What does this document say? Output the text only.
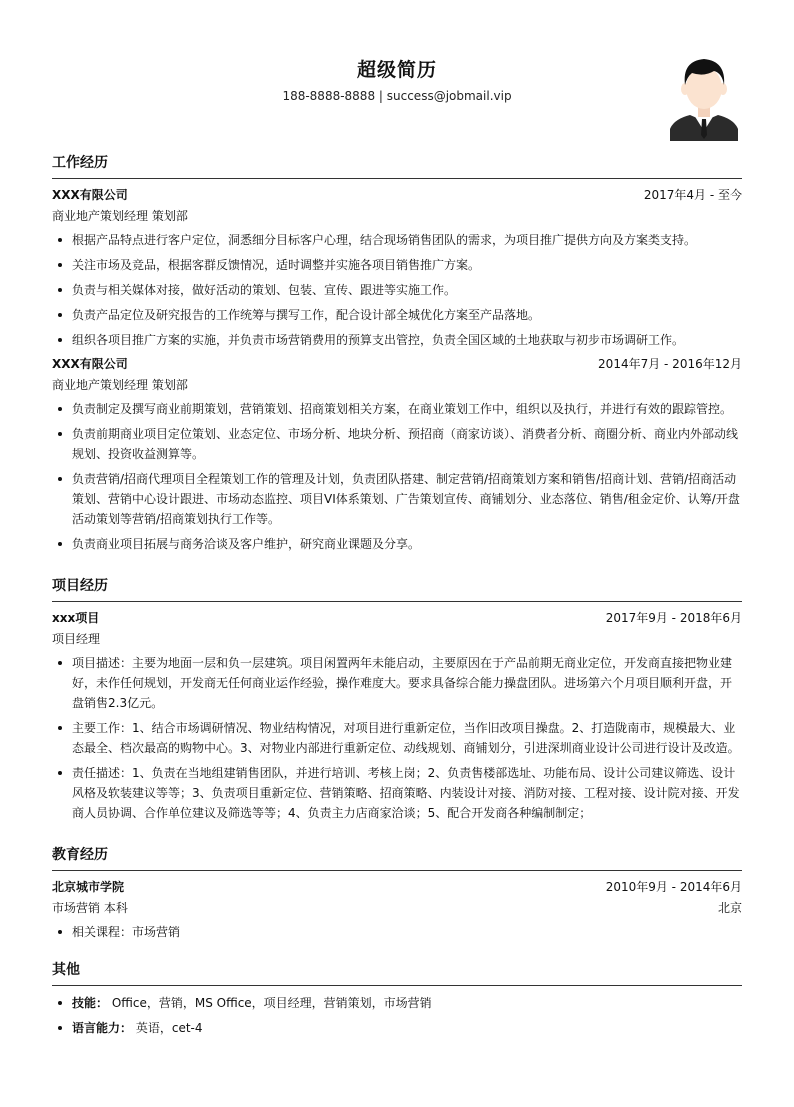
超级简历
188-8888-8888 | success@jobmail.vip
工作经历
XXX有限公司	2017年4月 - 至今
商业地产策划经理 策划部
根据产品特点进行客户定位，洞悉细分目标客户心理，结合现场销售团队的需求，为项目推广提供方向及方案类支持。
关注市场及竞品，根据客群反馈情况，适时调整并实施各项目销售推广方案。
负责与相关媒体对接，做好活动的策划、包装、宣传、跟进等实施工作。
负责产品定位及研究报告的工作统筹与撰写工作，配合设计部全城优化方案至产品落地。
组织各项目推广方案的实施，并负责市场营销费用的预算支出管控，负责全国区域的土地获取与初步市场调研工作。
XXX有限公司	2014年7月 - 2016年12月
商业地产策划经理 策划部
负责制定及撰写商业前期策划，营销策划、招商策划相关方案，在商业策划工作中，组织以及执行，并进行有效的跟踪管控。
负责前期商业项目定位策划、业态定位、市场分析、地块分析、预招商（商家访谈）、消费者分析、商圈分析、商业内外部动线规划、投资收益测算等。
负责营销/招商代理项目全程策划工作的管理及计划，负责团队搭建、制定营销/招商策划方案和销售/招商计划、营销/招商活动策划、营销中心设计跟进、市场动态监控、项目VI体系策划、广告策划宣传、商铺划分、业态落位、销售/租金定价、认筹/开盘活动策划等营销/招商策划执行工作等。
负责商业项目拓展与商务洽谈及客户维护，研究商业课题及分享。
项目经历
xxx项目	2017年9月 - 2018年6月
项目经理
项目描述：主要为地面一层和负一层建筑。项目闲置两年未能启动，主要原因在于产品前期无商业定位，开发商直接把物业建好，未作任何规划，开发商无任何商业运作经验，操作难度大。要求具备综合能力操盘团队。进场第六个月项目顺利开盘，开盘销售2.3亿元。
主要工作：1、结合市场调研情况、物业结构情况，对项目进行重新定位，当作旧改项目操盘。2、打造陇南市，规模最大、业态最全、档次最高的购物中心。3、对物业内部进行重新定位、动线规划、商铺划分，引进深圳商业设计公司进行设计及改造。
责任描述：1、负责在当地组建销售团队，并进行培训、考核上岗；2、负责售楼部选址、功能布局、设计公司建议筛选、设计风格及软装建议等等；3、负责项目重新定位、营销策略、招商策略、内装设计对接、消防对接、工程对接、设计院对接、开发商人员协调、合作单位建议及筛选等等；4、负责主力店商家洽谈；5、配合开发商各种编制制定；
教育经历
北京城市学院	2010年9月 - 2014年6月
市场营销 本科	北京
相关课程：市场营销
其他
技能： Office，营销，MS Office，项目经理，营销策划，市场营销
语言能力： 英语，cet-4
